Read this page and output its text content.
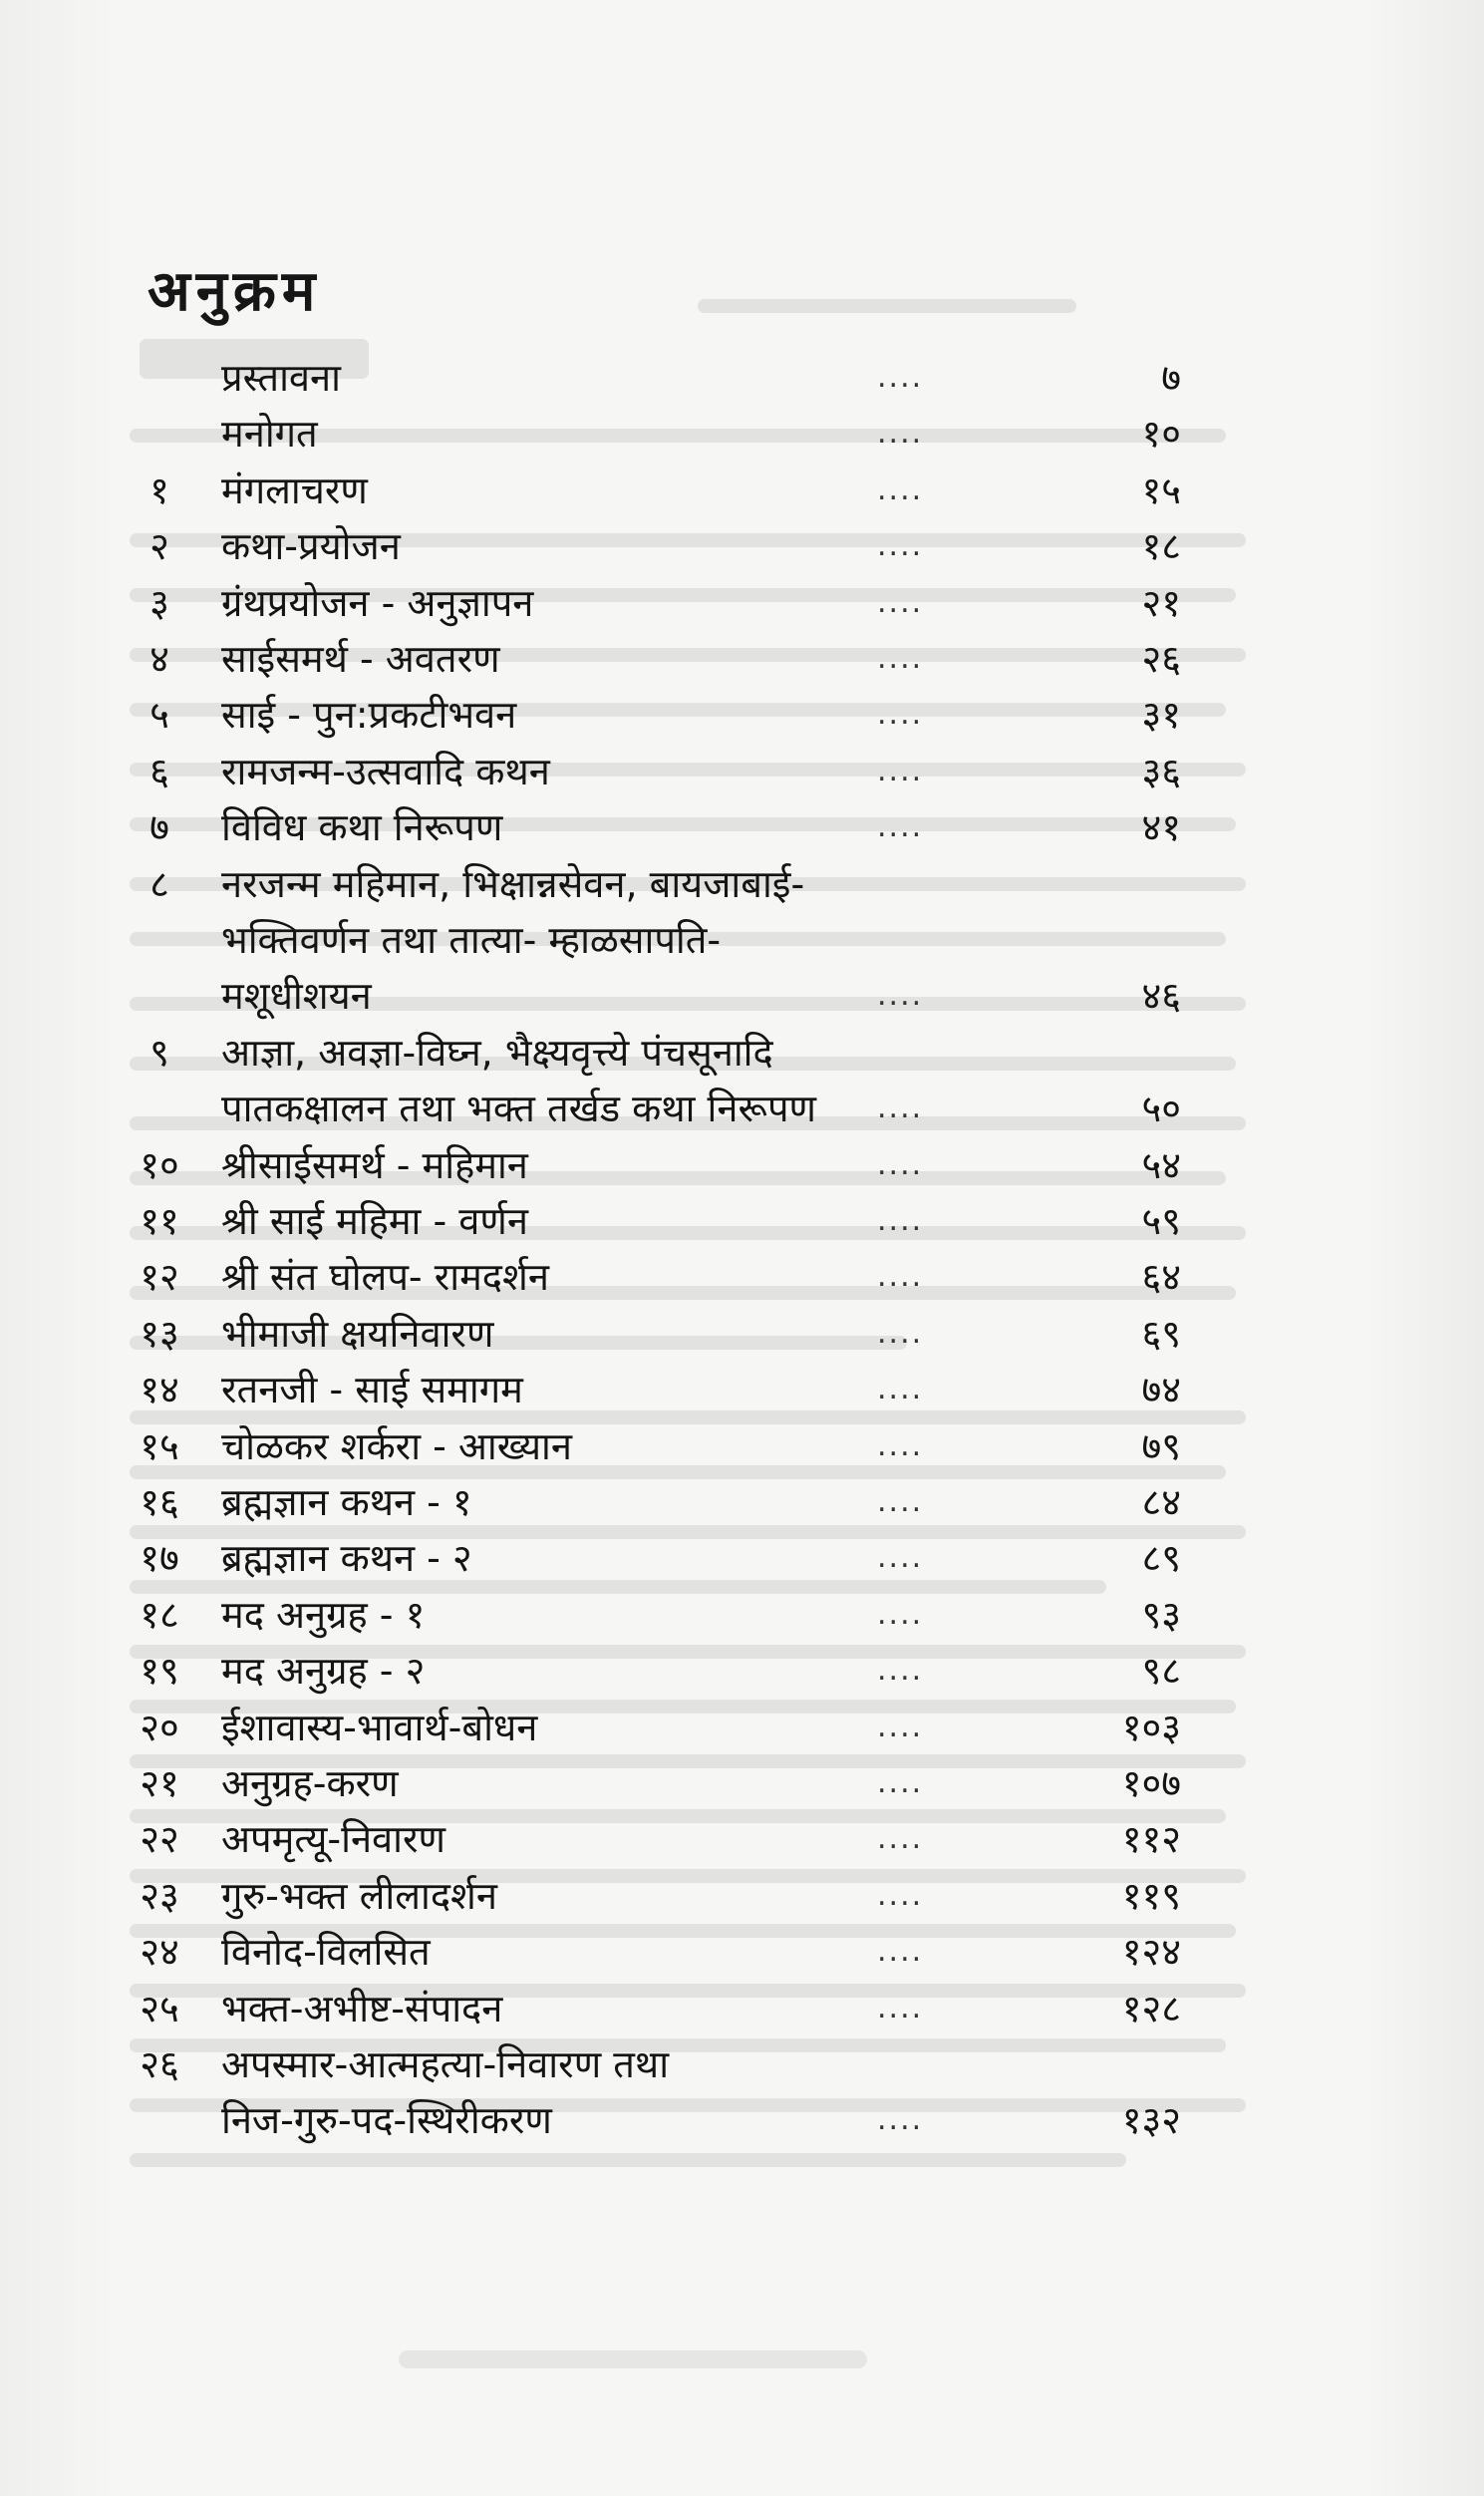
अनुक्रम
प्रस्तावना	....	७
मनोगत	....	१०
१	मंगलाचरण	....	१५
२	कथा-प्रयोजन	....	१८
३	ग्रंथप्रयोजन - अनुज्ञापन	....	२१
४	साईसमर्थ - अवतरण	....	२६
५	साई - पुन:प्रकटीभवन	....	३१
६	रामजन्म-उत्सवादि कथन	....	३६
७	विविध कथा निरूपण	....	४१
८	नरजन्म महिमान, भिक्षान्नसेवन, बायजाबाई-
भक्तिवर्णन तथा तात्या- म्हाळसापति-
मशूधीशयन	....	४६
९	आज्ञा, अवज्ञा-विघ्न, भैक्ष्यवृत्त्ये पंचसूनादि
पातकक्षालन तथा भक्त तर्खड कथा निरूपण	....	५०
१०	श्रीसाईसमर्थ - महिमान	....	५४
११	श्री साई महिमा - वर्णन	....	५९
१२	श्री संत घोलप- रामदर्शन	....	६४
१३	भीमाजी क्षयनिवारण	....	६९
१४	रतनजी - साई समागम	....	७४
१५	चोळकर शर्करा - आख्यान	....	७९
१६	ब्रह्मज्ञान कथन - १	....	८४
१७	ब्रह्मज्ञान कथन - २	....	८९
१८	मद अनुग्रह - १	....	९३
१९	मद अनुग्रह - २	....	९८
२०	ईशावास्य-भावार्थ-बोधन	....	१०३
२१	अनुग्रह-करण	....	१०७
२२	अपमृत्यू-निवारण	....	११२
२३	गुरु-भक्त लीलादर्शन	....	११९
२४	विनोद-विलसित	....	१२४
२५	भक्त-अभीष्ट-संपादन	....	१२८
२६	अपस्मार-आत्महत्या-निवारण तथा
निज-गुरु-पद-स्थिरीकरण	....	१३२
